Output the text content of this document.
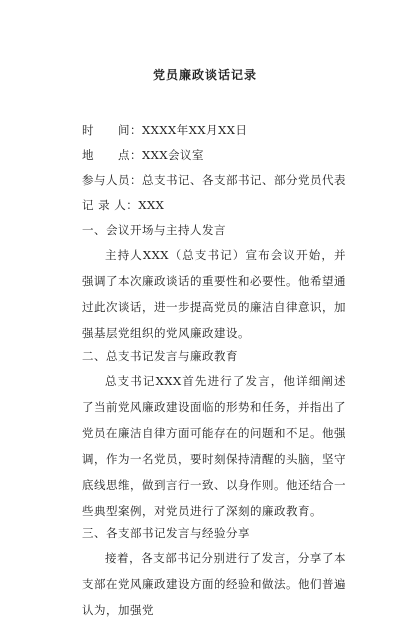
党员廉政谈话记录
时　　间：XXXX年XX月XX日
地　　点：XXX会议室
参与人员：总支书记、各支部书记、部分党员代表
记 录 人：XXX
一、会议开场与主持人发言
主持人XXX（总支书记）宣布会议开始，并强调了本次廉政谈话的重要性和必要性。他希望通过此次谈话，进一步提高党员的廉洁自律意识，加强基层党组织的党风廉政建设。
二、总支书记发言与廉政教育
总支书记XXX首先进行了发言，他详细阐述了当前党风廉政建设面临的形势和任务，并指出了党员在廉洁自律方面可能存在的问题和不足。他强调，作为一名党员，要时刻保持清醒的头脑，坚守底线思维，做到言行一致、以身作则。他还结合一些典型案例，对党员进行了深刻的廉政教育。
三、各支部书记发言与经验分享
接着，各支部书记分别进行了发言，分享了本支部在党风廉政建设方面的经验和做法。他们普遍认为，加强党
